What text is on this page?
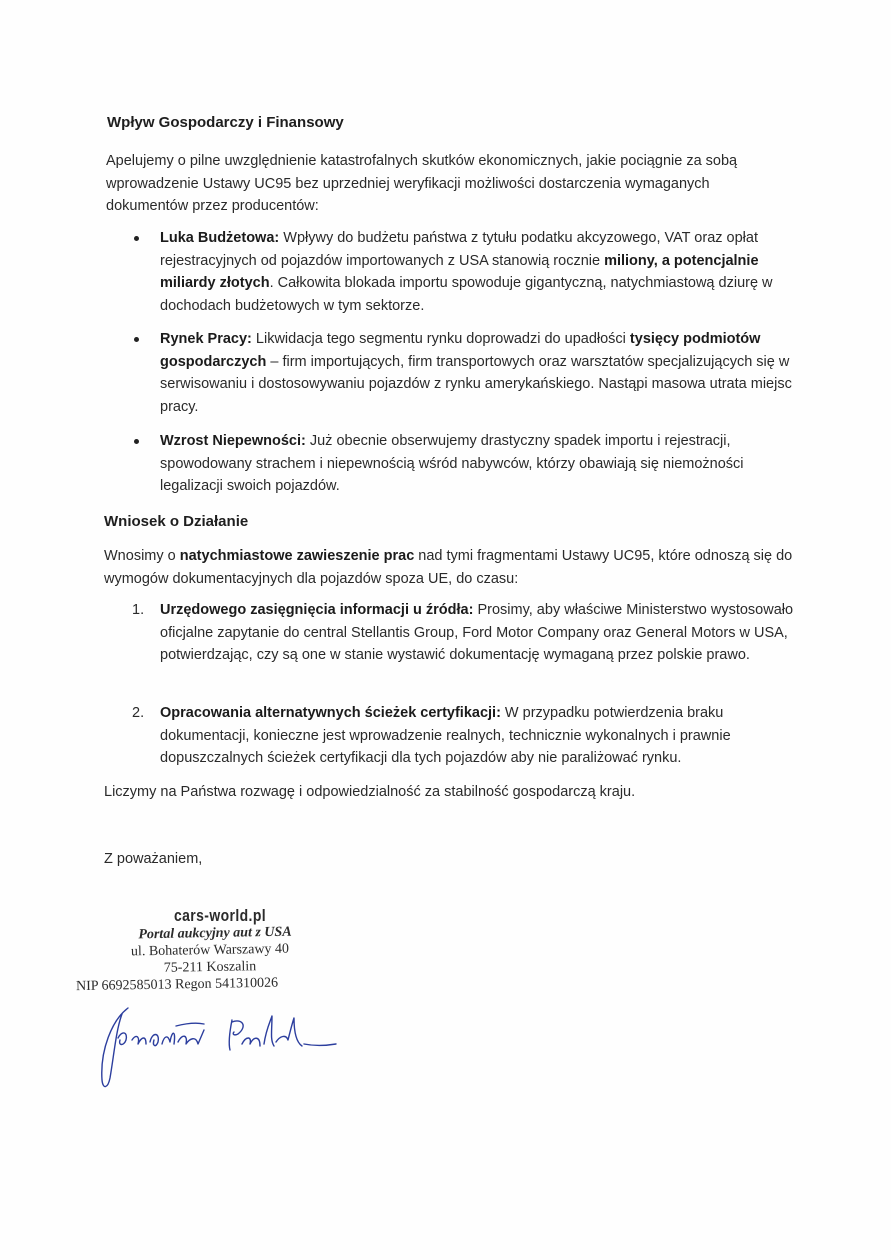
Wpływ Gospodarczy i Finansowy

Apelujemy o pilne uwzględnienie katastrofalnych skutków ekonomicznych, jakie pociągnie za sobą wprowadzenie Ustawy UC95 bez uprzedniej weryfikacji możliwości dostarczenia wymaganych dokumentów przez producentów:

Luka Budżetowa: Wpływy do budżetu państwa z tytułu podatku akcyzowego, VAT oraz opłat rejestracyjnych od pojazdów importowanych z USA stanowią rocznie miliony, a potencjalnie miliardy złotych. Całkowita blokada importu spowoduje gigantyczną, natychmiastową dziurę w dochodach budżetowych w tym sektorze.

Rynek Pracy: Likwidacja tego segmentu rynku doprowadzi do upadłości tysięcy podmiotów gospodarczych – firm importujących, firm transportowych oraz warsztatów specjalizujących się w serwisowaniu i dostosowywaniu pojazdów z rynku amerykańskiego. Nastąpi masowa utrata miejsc pracy.

Wzrost Niepewności: Już obecnie obserwujemy drastyczny spadek importu i rejestracji, spowodowany strachem i niepewnością wśród nabywców, którzy obawiają się niemożności legalizacji swoich pojazdów.

Wniosek o Działanie

Wnosimy o natychmiastowe zawieszenie prac nad tymi fragmentami Ustawy UC95, które odnoszą się do wymogów dokumentacyjnych dla pojazdów spoza UE, do czasu:

1. Urzędowego zasięgnięcia informacji u źródła: Prosimy, aby właściwe Ministerstwo wystosowało oficjalne zapytanie do central Stellantis Group, Ford Motor Company oraz General Motors w USA, potwierdzając, czy są one w stanie wystawić dokumentację wymaganą przez polskie prawo.

2. Opracowania alternatywnych ścieżek certyfikacji: W przypadku potwierdzenia braku dokumentacji, konieczne jest wprowadzenie realnych, technicznie wykonalnych i prawnie dopuszczalnych ścieżek certyfikacji dla tych pojazdów aby nie paraliżować rynku.

Liczymy na Państwa rozwagę i odpowiedzialność za stabilność gospodarczą kraju.

Z poważaniem,

cars-world.pl
Portal aukcyjny aut z USA
ul. Bohaterów Warszawy 40
75-211 Koszalin
NIP 6692585013 Regon 541310026
